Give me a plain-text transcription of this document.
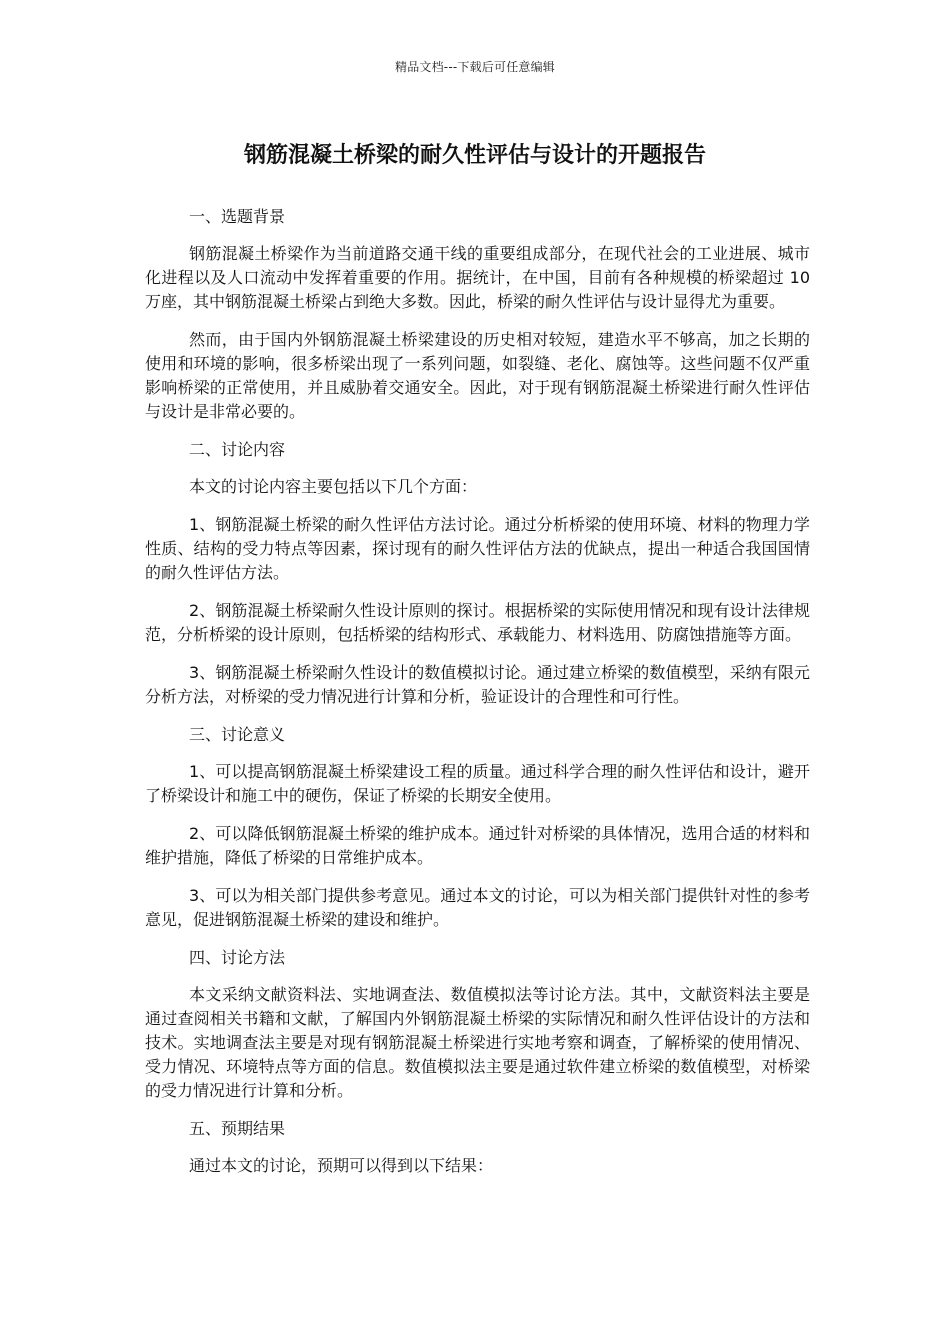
精品文档---下载后可任意编辑
钢筋混凝土桥梁的耐久性评估与设计的开题报告

一、选题背景

钢筋混凝土桥梁作为当前道路交通干线的重要组成部分，在现代社会的工业进展、城市化进程以及人口流动中发挥着重要的作用。据统计，在中国，目前有各种规模的桥梁超过 10 万座，其中钢筋混凝土桥梁占到绝大多数。因此，桥梁的耐久性评估与设计显得尤为重要。

然而，由于国内外钢筋混凝土桥梁建设的历史相对较短，建造水平不够高，加之长期的使用和环境的影响，很多桥梁出现了一系列问题，如裂缝、老化、腐蚀等。这些问题不仅严重影响桥梁的正常使用，并且威胁着交通安全。因此，对于现有钢筋混凝土桥梁进行耐久性评估与设计是非常必要的。

二、讨论内容

本文的讨论内容主要包括以下几个方面：

1、钢筋混凝土桥梁的耐久性评估方法讨论。通过分析桥梁的使用环境、材料的物理力学性质、结构的受力特点等因素，探讨现有的耐久性评估方法的优缺点，提出一种适合我国国情的耐久性评估方法。

2、钢筋混凝土桥梁耐久性设计原则的探讨。根据桥梁的实际使用情况和现有设计法律规范，分析桥梁的设计原则，包括桥梁的结构形式、承载能力、材料选用、防腐蚀措施等方面。

3、钢筋混凝土桥梁耐久性设计的数值模拟讨论。通过建立桥梁的数值模型，采纳有限元分析方法，对桥梁的受力情况进行计算和分析，验证设计的合理性和可行性。

三、讨论意义

1、可以提高钢筋混凝土桥梁建设工程的质量。通过科学合理的耐久性评估和设计，避开了桥梁设计和施工中的硬伤，保证了桥梁的长期安全使用。

2、可以降低钢筋混凝土桥梁的维护成本。通过针对桥梁的具体情况，选用合适的材料和维护措施，降低了桥梁的日常维护成本。

3、可以为相关部门提供参考意见。通过本文的讨论，可以为相关部门提供针对性的参考意见，促进钢筋混凝土桥梁的建设和维护。

四、讨论方法

本文采纳文献资料法、实地调查法、数值模拟法等讨论方法。其中，文献资料法主要是通过查阅相关书籍和文献，了解国内外钢筋混凝土桥梁的实际情况和耐久性评估设计的方法和技术。实地调查法主要是对现有钢筋混凝土桥梁进行实地考察和调查，了解桥梁的使用情况、受力情况、环境特点等方面的信息。数值模拟法主要是通过软件建立桥梁的数值模型，对桥梁的受力情况进行计算和分析。

五、预期结果

通过本文的讨论，预期可以得到以下结果：
